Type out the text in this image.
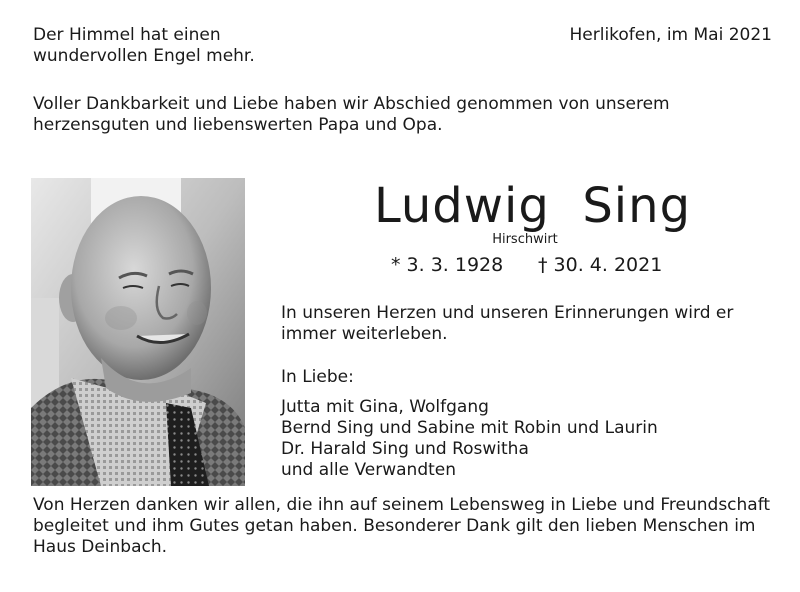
Der Himmel hat einen
wundervollen Engel mehr.
Herlikofen, im Mai 2021
Voller Dankbarkeit und Liebe haben wir Abschied genommen von unserem
herzensguten und liebenswerten Papa und Opa.
Ludwig  Sing
Hirschwirt
* 3. 3. 1928	† 30. 4. 2021
In unseren Herzen und unseren Erinnerungen wird er
immer weiterleben.
In Liebe:
Jutta mit Gina, Wolfgang
Bernd Sing und Sabine mit Robin und Laurin
Dr. Harald Sing und Roswitha
und alle Verwandten
Von Herzen danken wir allen, die ihn auf seinem Lebensweg in Liebe und Freundschaft
begleitet und ihm Gutes getan haben. Besonderer Dank gilt den lieben Menschen im
Haus Deinbach.
